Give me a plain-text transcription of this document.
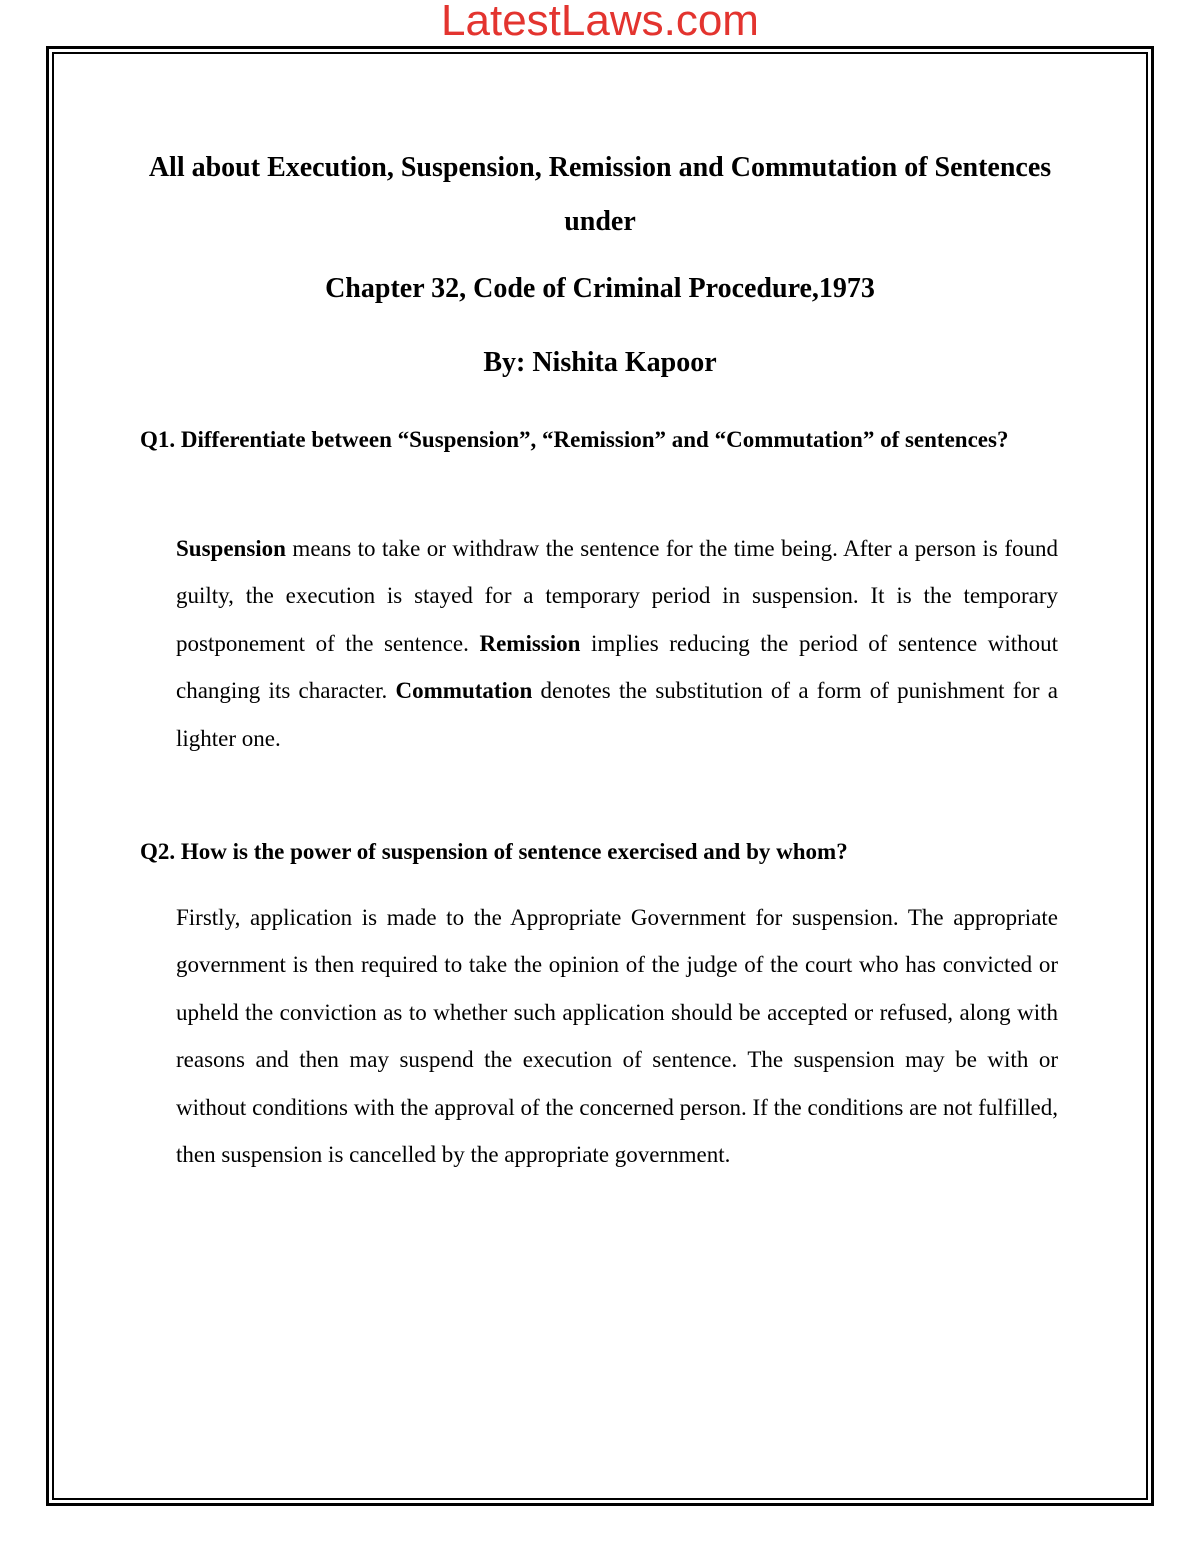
LatestLaws.com
All about Execution, Suspension, Remission and Commutation of Sentences under
Chapter 32, Code of Criminal Procedure,1973
By: Nishita Kapoor

Q1. Differentiate between “Suspension”, “Remission” and “Commutation” of sentences?

Suspension means to take or withdraw the sentence for the time being. After a person is found guilty, the execution is stayed for a temporary period in suspension. It is the temporary postponement of the sentence. Remission implies reducing the period of sentence without changing its character. Commutation denotes the substitution of a form of punishment for a lighter one.

Q2. How is the power of suspension of sentence exercised and by whom?

Firstly, application is made to the Appropriate Government for suspension. The appropriate government is then required to take the opinion of the judge of the court who has convicted or upheld the conviction as to whether such application should be accepted or refused, along with reasons and then may suspend the execution of sentence. The suspension may be with or without conditions with the approval of the concerned person. If the conditions are not fulfilled, then suspension is cancelled by the appropriate government.
